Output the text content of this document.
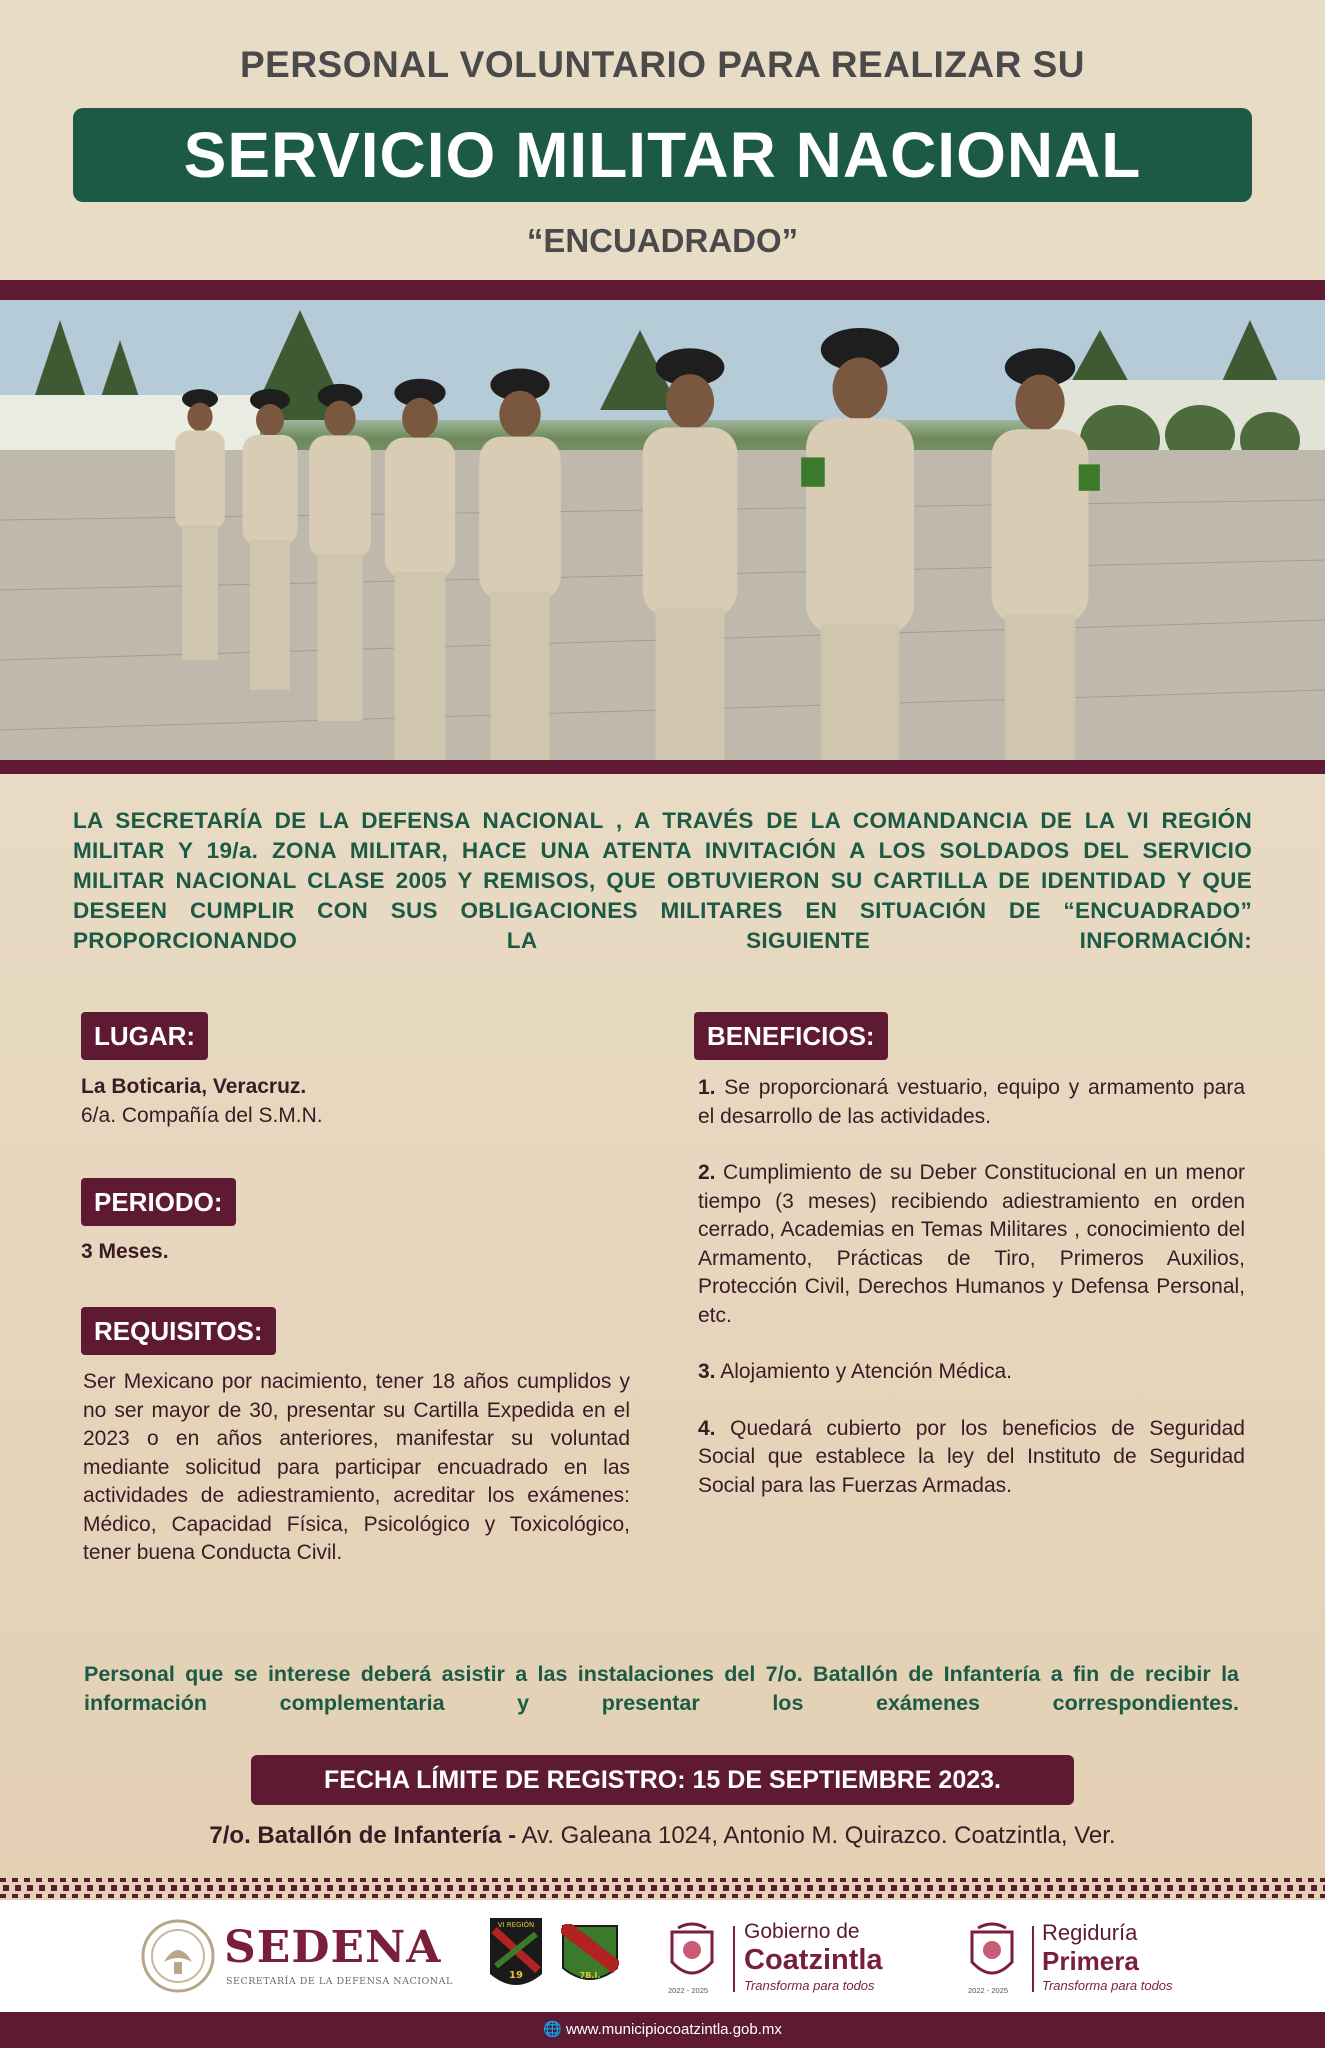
PERSONAL VOLUNTARIO PARA REALIZAR SU
SERVICIO MILITAR NACIONAL
“ENCUADRADO”
LA SECRETARÍA DE LA DEFENSA NACIONAL , A TRAVÉS DE LA COMANDANCIA DE LA VI REGIÓN MILITAR Y 19/a. ZONA MILITAR, HACE UNA ATENTA INVITACIÓN A LOS SOLDADOS DEL SERVICIO MILITAR NACIONAL CLASE 2005 Y REMISOS, QUE OBTUVIERON SU CARTILLA DE IDENTIDAD Y QUE DESEEN CUMPLIR CON SUS OBLIGACIONES MILITARES EN SITUACIÓN DE “ENCUADRADO” PROPORCIONANDO LA SIGUIENTE INFORMACIÓN:
LUGAR:
La Boticaria, Veracruz.
6/a. Compañía del S.M.N.
PERIODO:
3 Meses.
REQUISITOS:
Ser Mexicano por nacimiento, tener 18 años cumplidos y no ser mayor de 30, presentar su Cartilla Expedida en el 2023 o en años anteriores, manifestar su voluntad mediante solicitud para participar encuadrado en las actividades de adiestramiento, acreditar los exámenes: Médico, Capacidad Física, Psicológico y Toxicológico, tener buena Conducta Civil.
BENEFICIOS:
1. Se proporcionará vestuario, equipo y armamento para el desarrollo de las actividades.
2. Cumplimiento de su Deber Constitucional en un menor tiempo (3 meses) recibiendo adiestramiento en orden cerrado, Academias en Temas Militares , conocimiento del Armamento, Prácticas de Tiro, Primeros Auxilios, Protección Civil, Derechos Humanos y Defensa Personal, etc.
3. Alojamiento y Atención Médica.
4. Quedará cubierto por los beneficios de Seguridad Social que establece la ley del Instituto de Seguridad Social para las Fuerzas Armadas.
Personal que se interese deberá asistir a las instalaciones del 7/o. Batallón de Infantería a fin de recibir la información complementaria y presentar los exámenes correspondientes.
FECHA LÍMITE DE REGISTRO: 15 DE SEPTIEMBRE 2023.
7/o. Batallón de Infantería - Av. Galeana 1024, Antonio M. Quirazco. Coatzintla, Ver.
SEDENA
SECRETARÍA DE LA DEFENSA NACIONAL
VI REGIÓN
19	7B.I.
2022 - 2025
Gobierno de
Coatzintla
Transforma para todos	2022 - 2025
Regiduría
Primera
Transforma para todos
🌐 www.municipiocoatzintla.gob.mx
